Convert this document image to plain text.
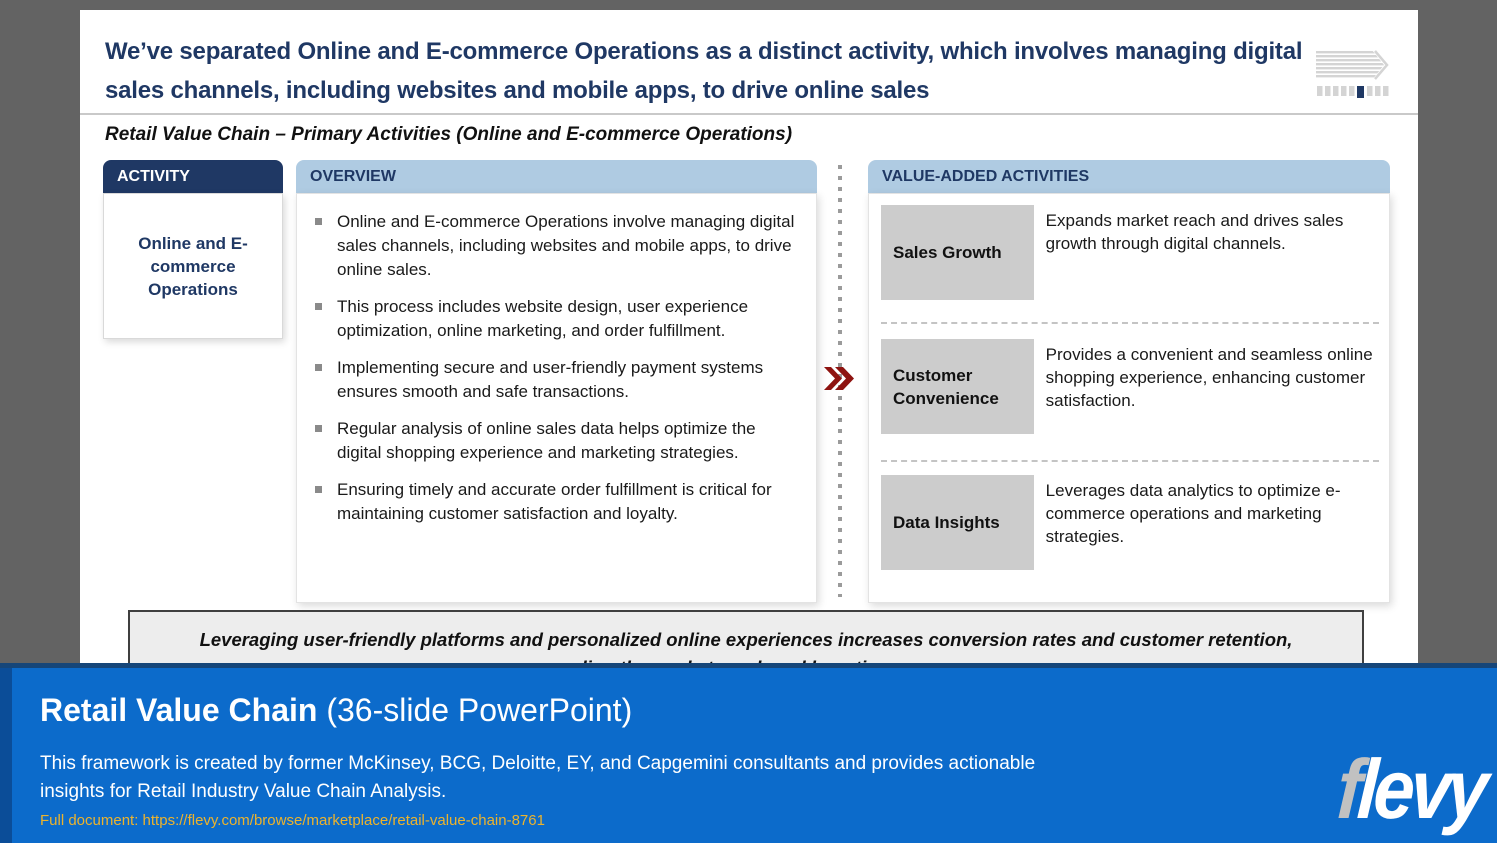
We’ve separated Online and E-commerce Operations as a distinct activity, which involves managing digital sales channels, including websites and mobile apps, to drive online sales
Retail Value Chain – Primary Activities (Online and E-commerce Operations)
ACTIVITY
Online and E-commerce Operations
OVERVIEW
Online and E-commerce Operations involve managing digital sales channels, including websites and mobile apps, to drive online sales.
This process includes website design, user experience optimization, online marketing, and order fulfillment.
Implementing secure and user-friendly payment systems ensures smooth and safe transactions.
Regular analysis of online sales data helps optimize the digital shopping experience and marketing strategies.
Ensuring timely and accurate order fulfillment is critical for maintaining customer satisfaction and loyalty.
VALUE-ADDED ACTIVITIES
Sales Growth
Expands market reach and drives sales growth through digital channels.
Customer Convenience
Provides a convenient and seamless online shopping experience, enhancing customer satisfaction.
Data Insights
Leverages data analytics to optimize e-commerce operations and marketing strategies.
Leveraging user-friendly platforms and personalized online experiences increases conversion rates and customer retention,
Retail Value Chain (36-slide PowerPoint)
This framework is created by former McKinsey, BCG, Deloitte, EY, and Capgemini consultants and provides actionable insights for Retail Industry Value Chain Analysis.
Full document: https://flevy.com/browse/marketplace/retail-value-chain-8761	flevy
